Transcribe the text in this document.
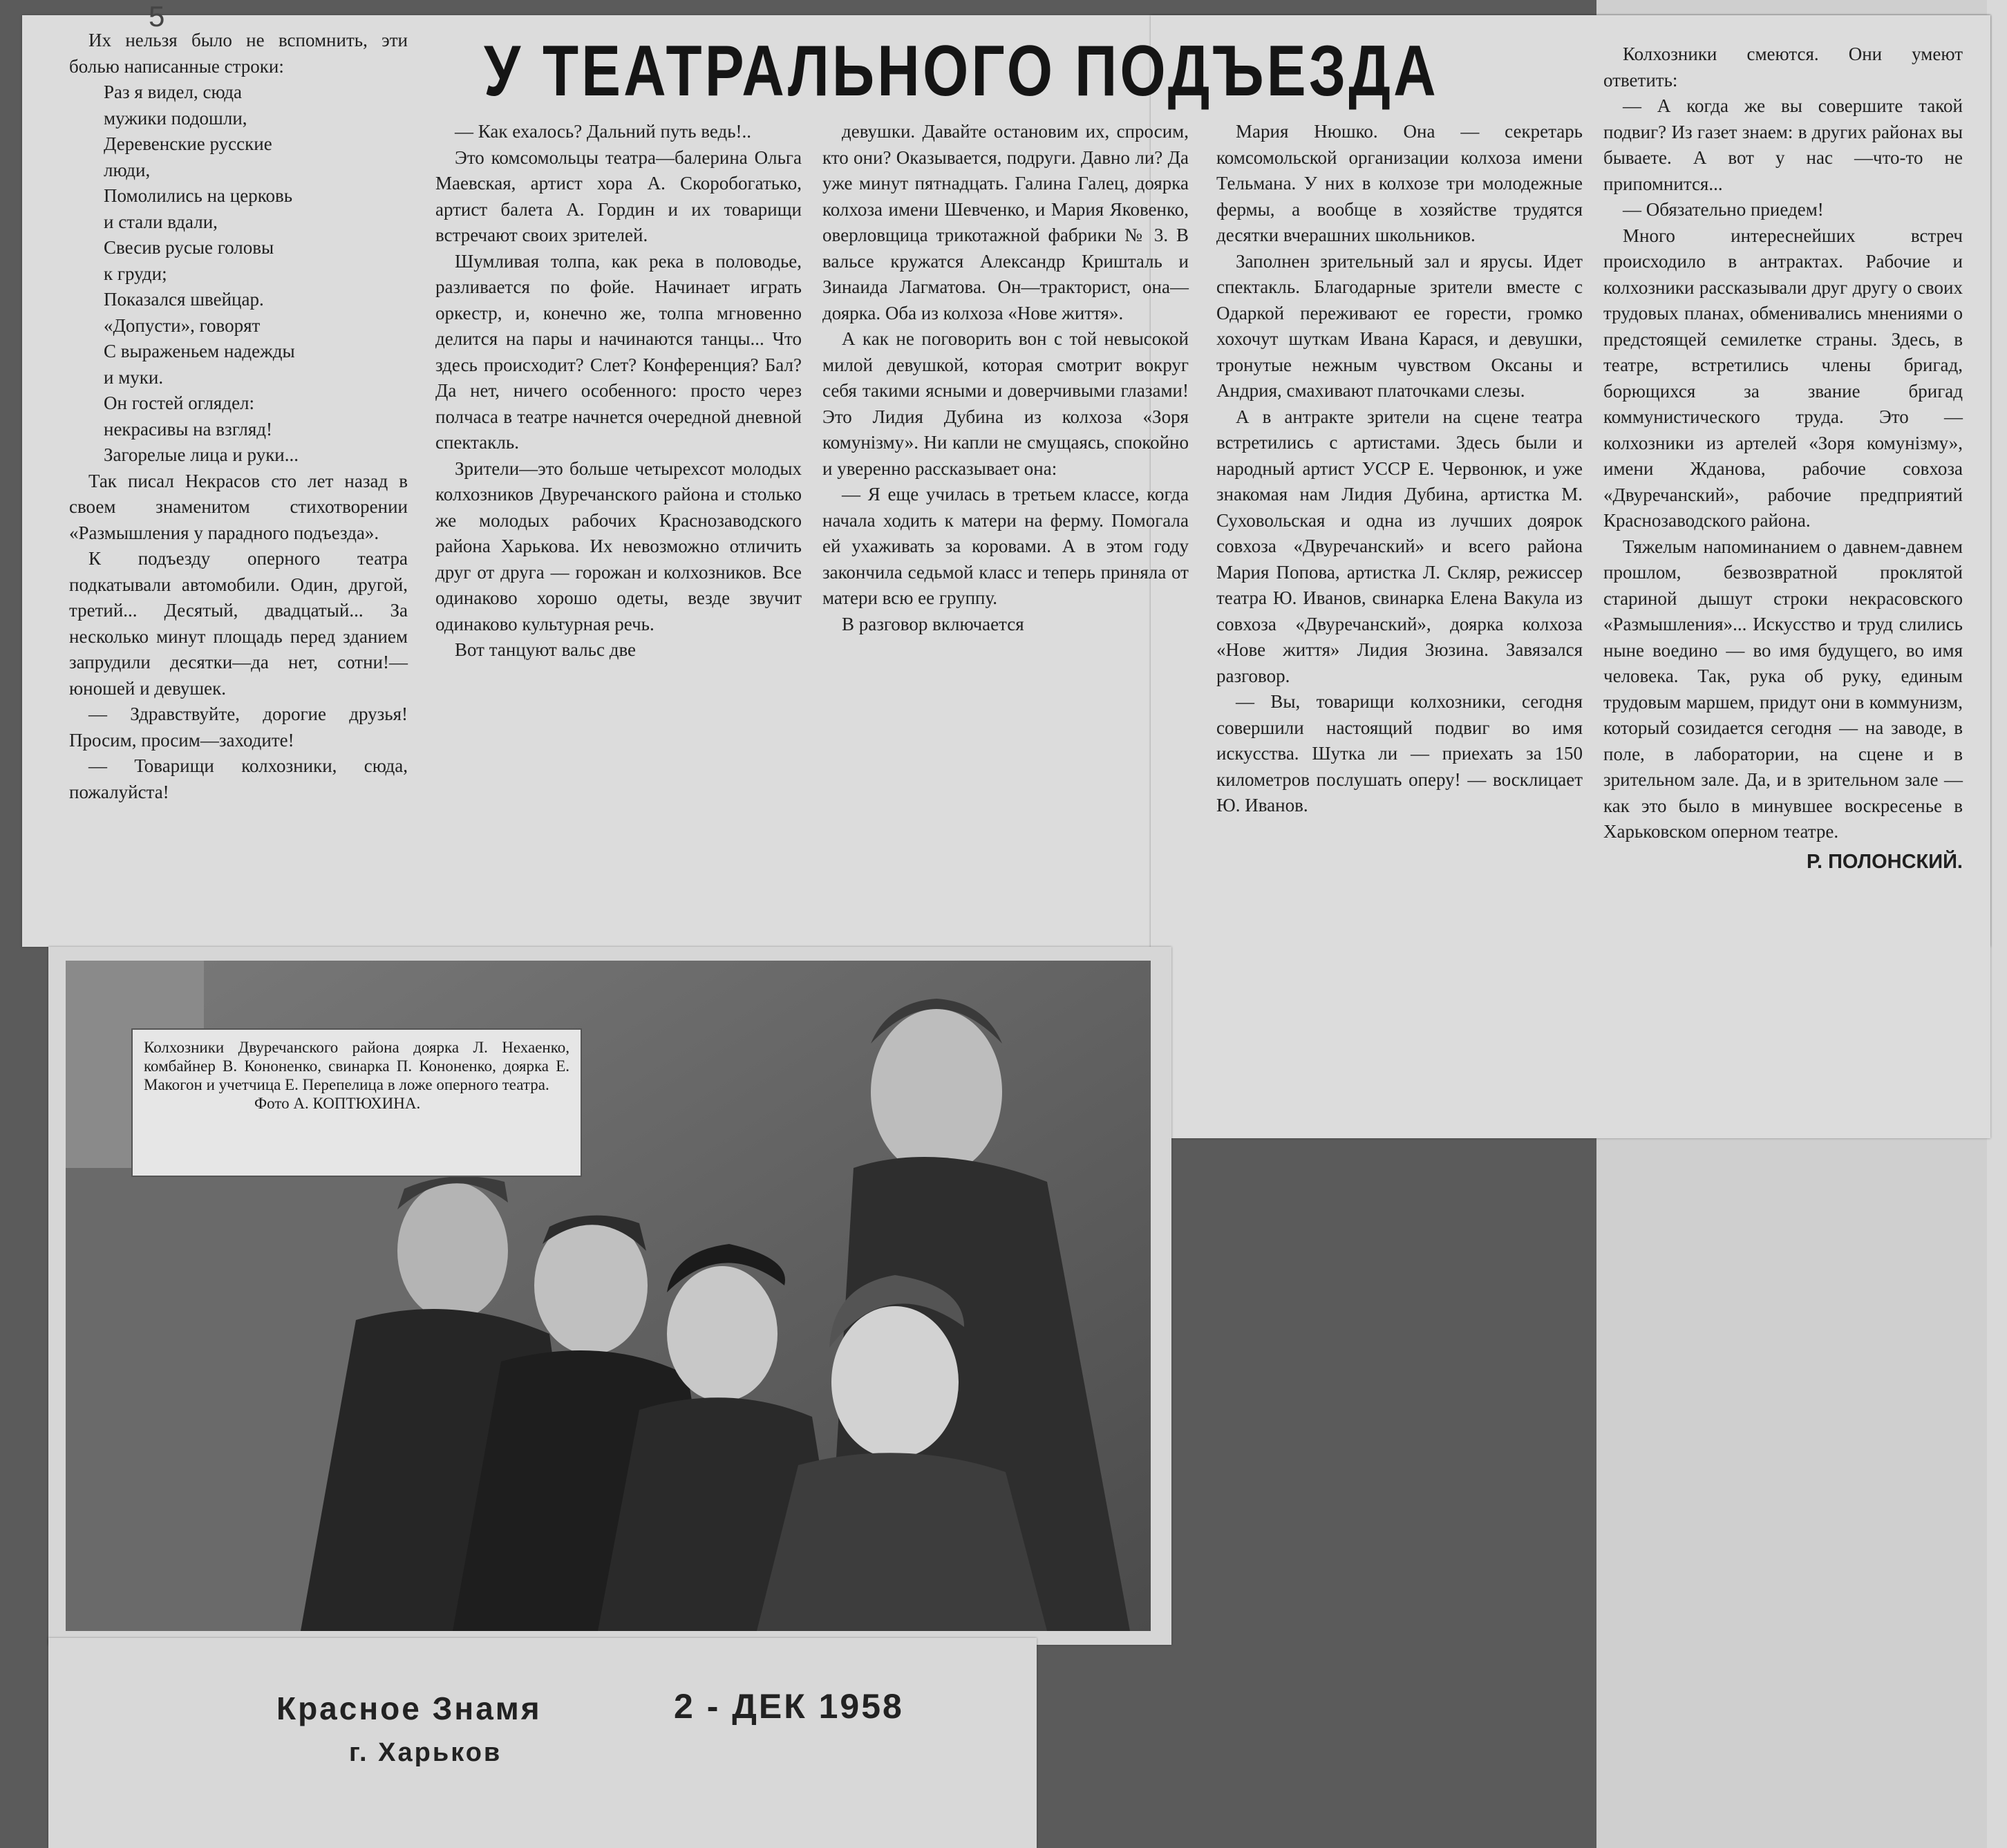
5
У ТЕАТРАЛЬНОГО ПОДЪЕЗДА

Их нельзя было не вспомнить, эти болью написанные строки:

Раз я видел, сюда
мужики подошли,
Деревенские русские
люди,
Помолились на церковь
и стали вдали,
Свесив русые головы
к груди;
Показался швейцар.
«Допусти», говорят
С выраженьем надежды
и муки.
Он гостей оглядел:
некрасивы на взгляд!
Загорелые лица и руки...

Так писал Некрасов сто лет назад в своем знаменитом стихотворении «Размышления у парадного подъезда».

К подъезду оперного театра подкатывали автомобили. Один, другой, третий... Десятый, двадцатый... За несколько минут площадь перед зданием запрудили десятки—да нет, сотни!—юношей и девушек.

— Здравствуйте, дорогие друзья! Просим, просим—заходите!

— Товарищи колхозники, сюда, пожалуйста!

— Как ехалось? Дальний путь ведь!..

Это комсомольцы театра—балерина Ольга Маевская, артист хора А. Скоробогатько, артист балета А. Гордин и их товарищи встречают своих зрителей.

Шумливая толпа, как река в половодье, разливается по фойе. Начинает играть оркестр, и, конечно же, толпа мгновенно делится на пары и начинаются танцы... Что здесь происходит? Слет? Конференция? Бал? Да нет, ничего особенного: просто через полчаса в театре начнется очередной дневной спектакль.

Зрители—это больше четырехсот молодых колхозников Двуречанского района и столько же молодых рабочих Краснозаводского района Харькова. Их невозможно отличить друг от друга — горожан и колхозников. Все одинаково хорошо одеты, везде звучит одинаково культурная речь.

Вот танцуют вальс две

девушки. Давайте остановим их, спросим, кто они? Оказывается, подруги. Давно ли? Да уже минут пятнадцать. Галина Галец, доярка колхоза имени Шевченко, и Мария Яковенко, оверловщица трикотажной фабрики № 3. В вальсе кружатся Александр Кришталь и Зинаида Лагматова. Он—тракторист, она—доярка. Оба из колхоза «Нове життя».

А как не поговорить вон с той невысокой милой девушкой, которая смотрит вокруг себя такими ясными и доверчивыми глазами! Это Лидия Дубина из колхоза «Зоря комунізму». Ни капли не смущаясь, спокойно и уверенно рассказывает она:

— Я еще училась в третьем классе, когда начала ходить к матери на ферму. Помогала ей ухаживать за коровами. А в этом году закончила седьмой класс и теперь приняла от матери всю ее группу.

В разговор включается

Мария Нюшко. Она — секретарь комсомольской организации колхоза имени Тельмана. У них в колхозе три молодежные фермы, а вообще в хозяйстве трудятся десятки вчерашних школьников.

Заполнен зрительный зал и ярусы. Идет спектакль. Благодарные зрители вместе с Одаркой переживают ее горести, громко хохочут шуткам Ивана Карася, и девушки, тронутые нежным чувством Оксаны и Андрия, смахивают платочками слезы.

А в антракте зрители на сцене театра встретились с артистами. Здесь были и народный артист УССР Е. Червонюк, и уже знакомая нам Лидия Дубина, артистка М. Суховольская и одна из лучших доярок совхоза «Двуречанский» и всего района Мария Попова, артистка Л. Скляр, режиссер театра Ю. Иванов, свинарка Елена Вакула из совхоза «Двуречанский», доярка колхоза «Нове життя» Лидия Зюзина. Завязался разговор.

— Вы, товарищи колхозники, сегодня совершили настоящий подвиг во имя искусства. Шутка ли — приехать за 150 километров послушать оперу! — восклицает Ю. Иванов.

Колхозники смеются. Они умеют ответить:

— А когда же вы совершите такой подвиг? Из газет знаем: в других районах вы бываете. А вот у нас —что-то не припомнится...

— Обязательно приедем!

Много интереснейших встреч происходило в антрактах. Рабочие и колхозники рассказывали друг другу о своих трудовых планах, обменивались мнениями о предстоящей семилетке страны. Здесь, в театре, встретились члены бригад, борющихся за звание бригад коммунистического труда. Это — колхозники из артелей «Зоря комунізму», имени Жданова, рабочие совхоза «Двуречанский», рабочие предприятий Краснозаводского района.

Тяжелым напоминанием о давнем-давнем прошлом, безвозвратной проклятой стариной дышут строки некрасовского «Размышления»... Искусство и труд слились ныне воедино — во имя будущего, во имя человека. Так, рука об руку, единым трудовым маршем, придут они в коммунизм, который созидается сегодня — на заводе, в поле, в лаборатории, на сцене и в зрительном зале. Да, и в зрительном зале —как это было в минувшее воскресенье в Харьковском оперном театре.

Р. ПОЛОНСКИЙ.

Колхозники Двуречанского района доярка Л. Нехаенко, комбайнер В. Кононенко, свинарка П. Кононенко, доярка Е. Макогон и учетчица Е. Перепелица в ложе оперного театра.
Фото А. КОПТЮХИНА.
Красное Знамя	2 - ДЕК 1958
г. Харьков
